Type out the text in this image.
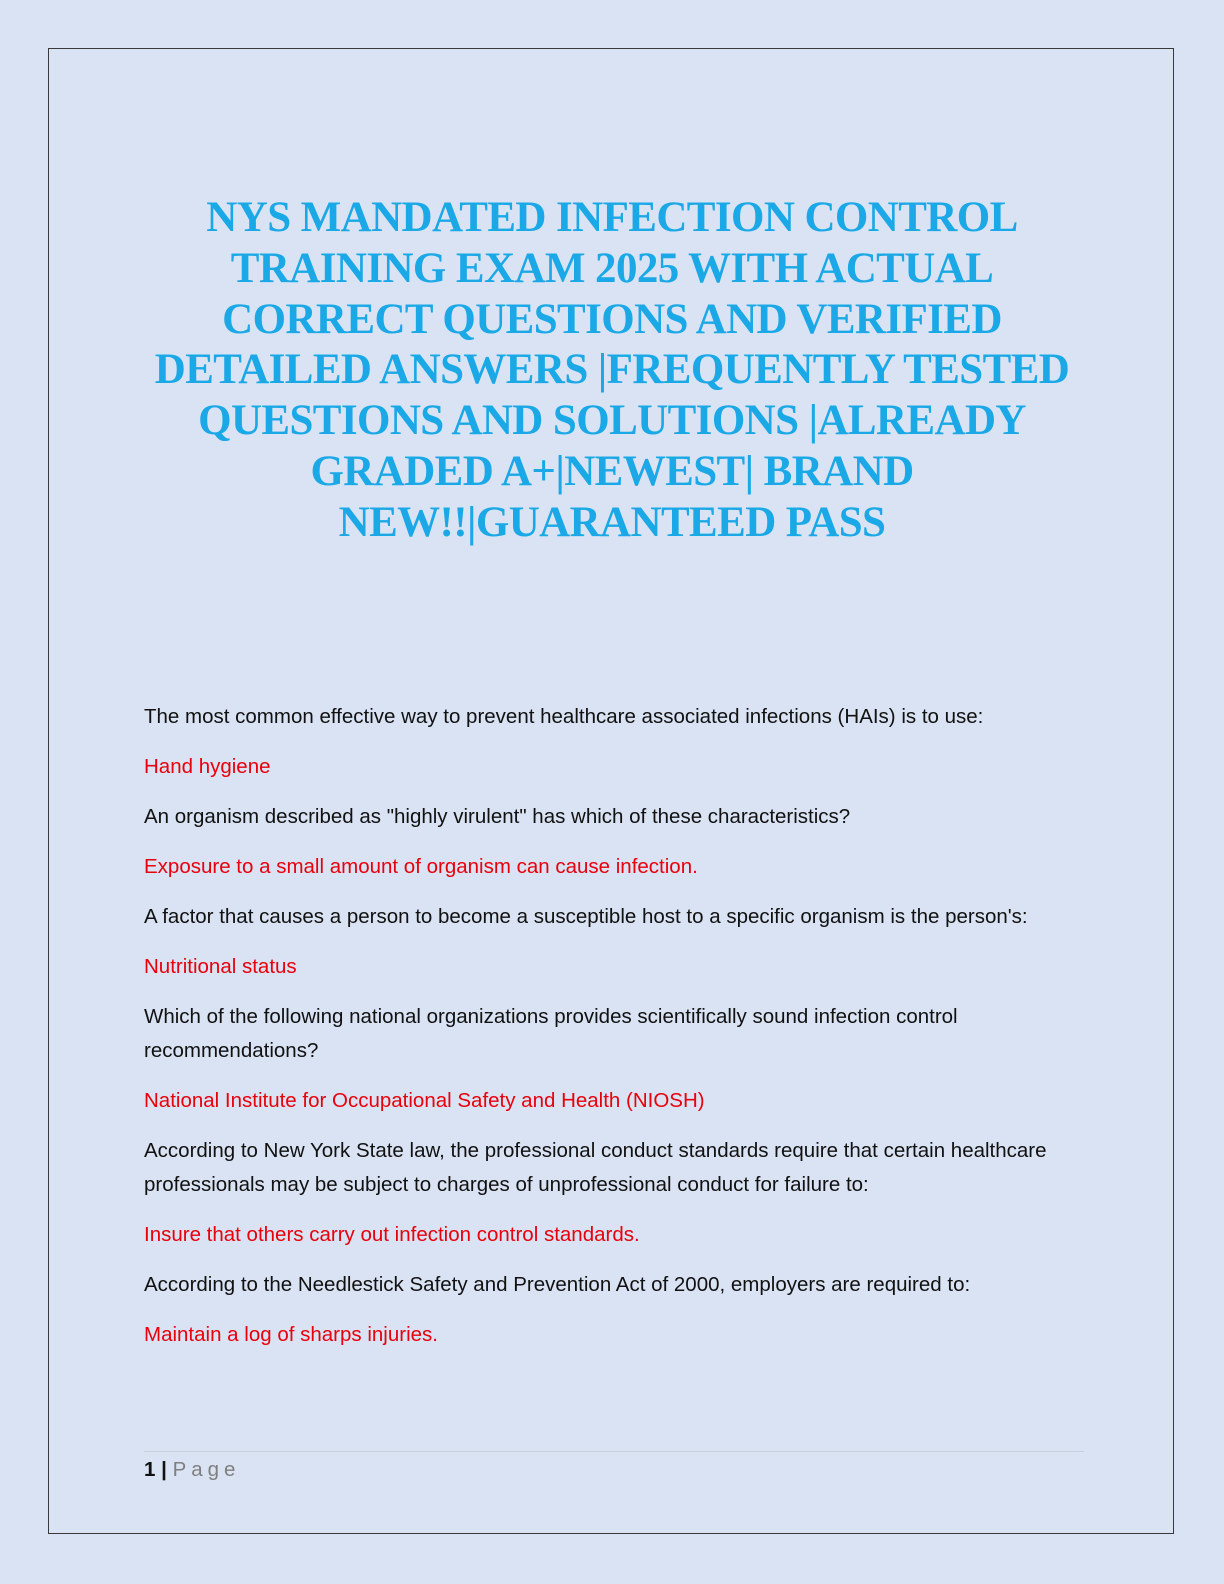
NYS MANDATED INFECTION CONTROL TRAINING EXAM 2025 WITH ACTUAL CORRECT QUESTIONS AND VERIFIED DETAILED ANSWERS |FREQUENTLY TESTED QUESTIONS AND SOLUTIONS |ALREADY GRADED A+|NEWEST| BRAND NEW!!|GUARANTEED PASS

The most common effective way to prevent healthcare associated infections (HAIs) is to use:

Hand hygiene

An organism described as "highly virulent" has which of these characteristics?

Exposure to a small amount of organism can cause infection.

A factor that causes a person to become a susceptible host to a specific organism is the person's:

Nutritional status

Which of the following national organizations provides scientifically sound infection control recommendations?

National Institute for Occupational Safety and Health (NIOSH)

According to New York State law, the professional conduct standards require that certain healthcare professionals may be subject to charges of unprofessional conduct for failure to:

Insure that others carry out infection control standards.

According to the Needlestick Safety and Prevention Act of 2000, employers are required to:

Maintain a log of sharps injuries.

1 | Page
